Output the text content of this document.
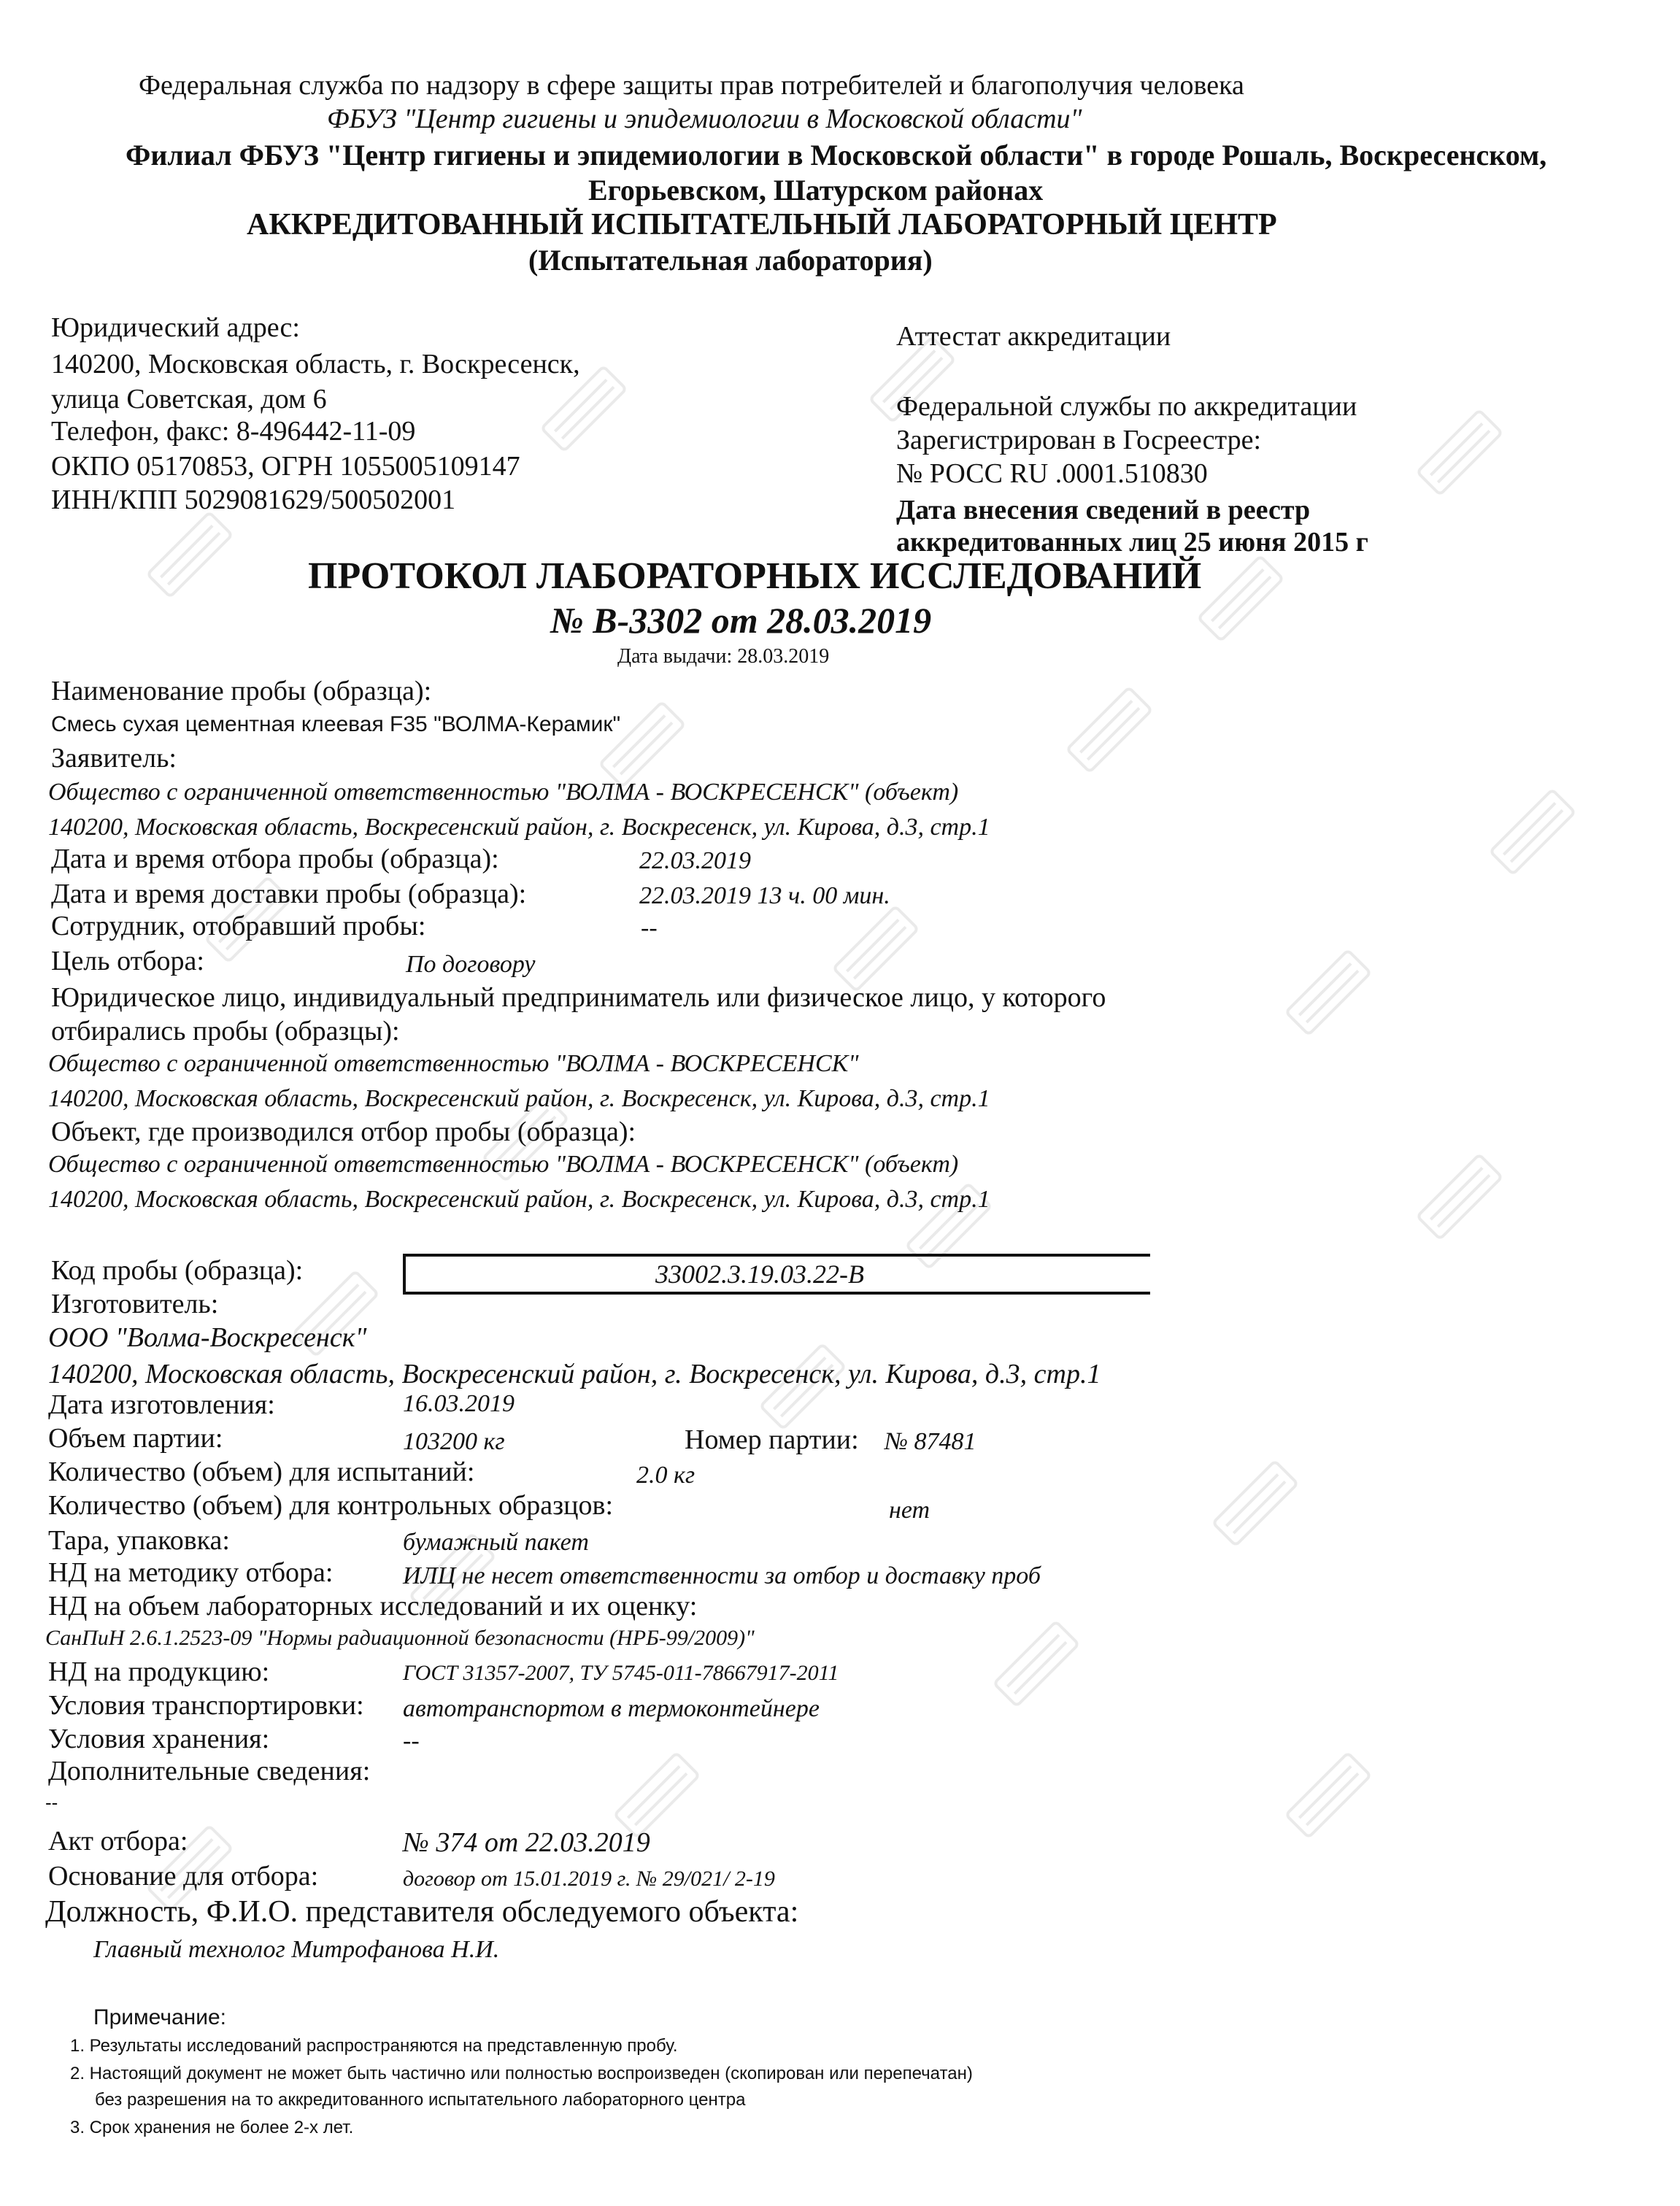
Федеральная служба по надзору в сфере защиты прав потребителей и благополучия человека
ФБУЗ "Центр гигиены и эпидемиологии в Московской области"
Филиал ФБУЗ "Центр гигиены и эпидемиологии в Московской области" в городе Рошаль, Воскресенском,
Егорьевском, Шатурском районах
АККРЕДИТОВАННЫЙ ИСПЫТАТЕЛЬНЫЙ ЛАБОРАТОРНЫЙ ЦЕНТР
(Испытательная лаборатория)
Юридический адрес:
140200, Московская область, г. Воскресенск,
улица Советская, дом 6
Телефон, факс: 8-496442-11-09
ОКПО 05170853, ОГРН 1055005109147
ИНН/КПП 5029081629/500502001
Аттестат аккредитации
Федеральной службы по аккредитации
Зарегистрирован в Госреестре:
№ РОСС RU .0001.510830
Дата внесения сведений в реестр
аккредитованных лиц 25 июня 2015 г
ПРОТОКОЛ ЛАБОРАТОРНЫХ ИССЛЕДОВАНИЙ
№ В-3302 от 28.03.2019
Дата выдачи: 28.03.2019
Наименование пробы (образца):
Смесь сухая цементная клеевая F35 "ВОЛМА-Керамик"
Заявитель:
Общество с ограниченной ответственностью "ВОЛМА - ВОСКРЕСЕНСК" (объект)
140200, Московская область, Воскресенский район, г. Воскресенск, ул. Кирова, д.3, стр.1
Дата и время отбора пробы (образца):	22.03.2019
Дата и время доставки пробы (образца):	22.03.2019 13 ч. 00 мин.
Сотрудник, отобравший пробы:	--
Цель отбора:	По договору
Юридическое лицо, индивидуальный предприниматель или физическое лицо, у которого
отбирались пробы (образцы):
Общество с ограниченной ответственностью "ВОЛМА - ВОСКРЕСЕНСК"
140200, Московская область, Воскресенский район, г. Воскресенск, ул. Кирова, д.3, стр.1
Объект, где производился отбор пробы (образца):
Общество с ограниченной ответственностью "ВОЛМА - ВОСКРЕСЕНСК" (объект)
140200, Московская область, Воскресенский район, г. Воскресенск, ул. Кирова, д.3, стр.1
Код пробы (образца):	33002.3.19.03.22-В
Изготовитель:
ООО "Волма-Воскресенск"
140200, Московская область, Воскресенский район, г. Воскресенск, ул. Кирова, д.3, стр.1
Дата изготовления:	16.03.2019
Объем партии:	103200 кг	Номер партии: № 87481
Количество (объем) для испытаний:	2.0 кг
Количество (объем) для контрольных образцов:	нет
Тара, упаковка:	бумажный пакет
НД на методику отбора:	ИЛЦ не несет ответственности за отбор и доставку проб
НД на объем лабораторных исследований и их оценку:
СанПиН 2.6.1.2523-09 "Нормы радиационной безопасности (НРБ-99/2009)"
НД на продукцию:	ГОСТ 31357-2007, ТУ 5745-011-78667917-2011
Условия транспортировки: автотранспортом в термоконтейнере
Условия хранения:	--
Дополнительные сведения:
--
Акт отбора:	№ 374 от 22.03.2019
Основание для отбора:	договор от 15.01.2019 г. № 29/021/ 2-19
Должность, Ф.И.О. представителя обследуемого объекта:
Главный технолог Митрофанова Н.И.
Примечание:
1. Результаты исследований распространяются на представленную пробу.
2. Настоящий документ не может быть частично или полностью воспроизведен (скопирован или перепечатан)
без разрешения на то аккредитованного испытательного лабораторного центра
3. Срок хранения не более 2-х лет.
